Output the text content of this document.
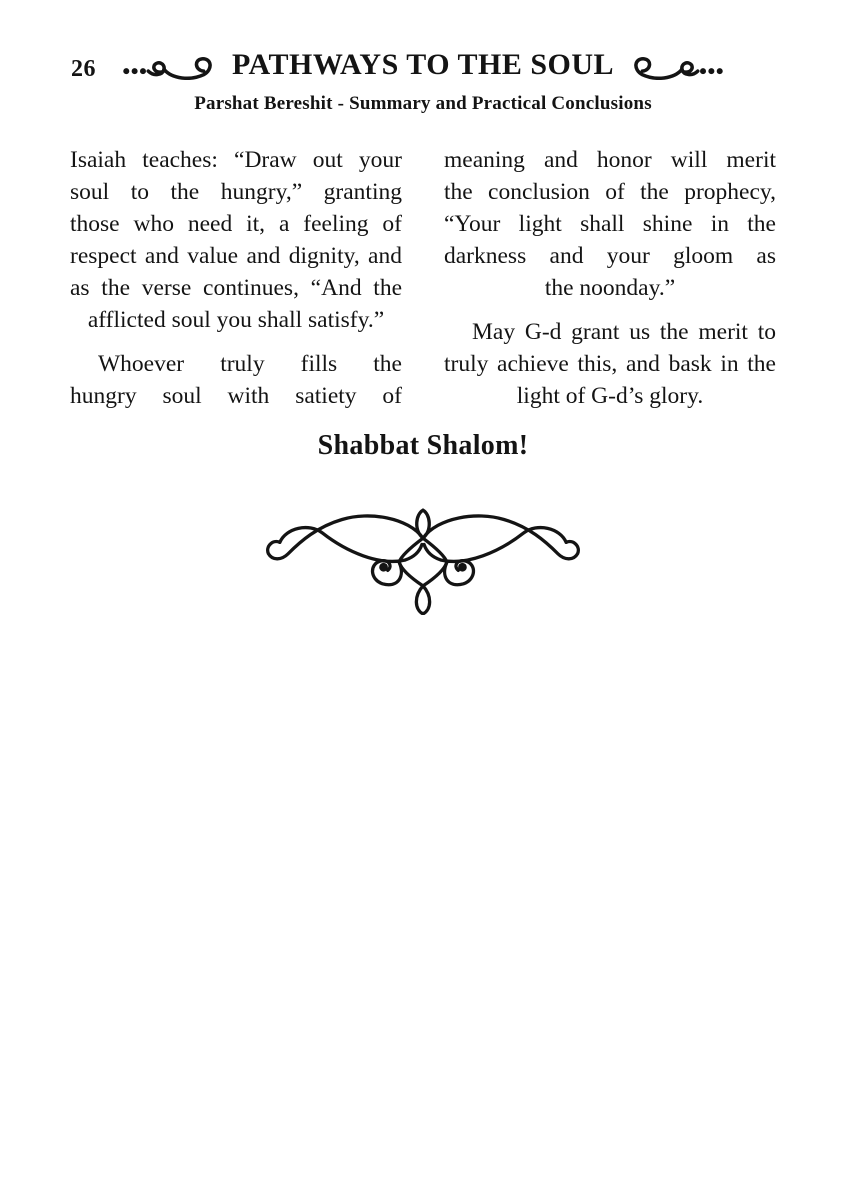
26	PATHWAYS TO THE SOUL
Parshat Bereshit - Summary and Practical Conclusions
Isaiah teaches: “Draw out your
soul to the hungry,” granting
those who need it, a feeling of
respect and value and dignity, and
as the verse continues, “And the
afflicted soul you shall satisfy.”
Whoever truly fills the
hungry soul with satiety of
meaning and honor will merit
the conclusion of the prophecy,
“Your light shall shine in the
darkness and your gloom as
the noonday.”
May G-d grant us the merit to
truly achieve this, and bask in the
light of G-d’s glory.
Shabbat Shalom!
